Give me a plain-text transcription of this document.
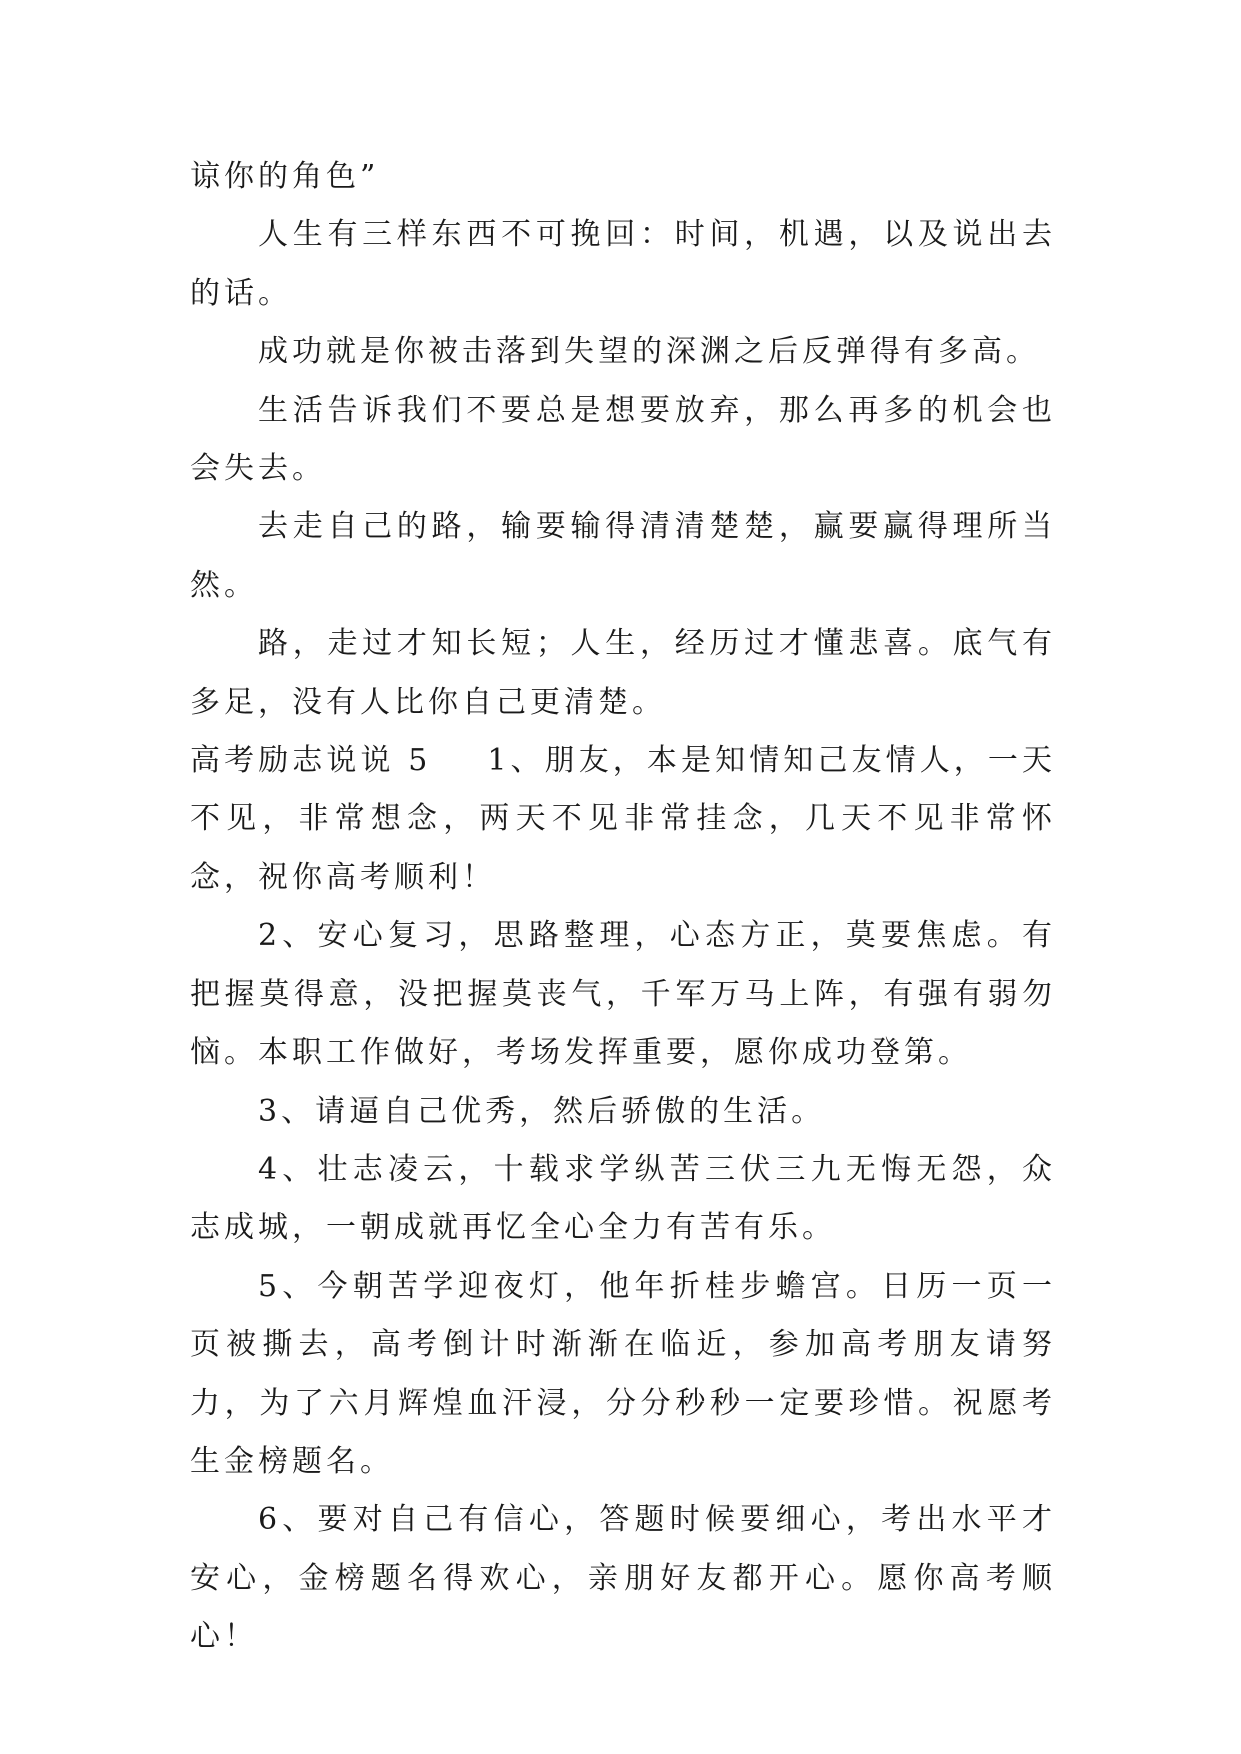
谅你的角色”

人生有三样东西不可挽回：时间，机遇，以及说出去的话。

成功就是你被击落到失望的深渊之后反弹得有多高。

生活告诉我们不要总是想要放弃，那么再多的机会也会失去。

去走自己的路，输要输得清清楚楚，赢要赢得理所当然。

路，走过才知长短；人生，经历过才懂悲喜。底气有多足，没有人比你自己更清楚。

高考励志说说 5 1、朋友，本是知情知己友情人，一天不见，非常想念，两天不见非常挂念，几天不见非常怀念，祝你高考顺利！

2、安心复习，思路整理，心态方正，莫要焦虑。有把握莫得意，没把握莫丧气，千军万马上阵，有强有弱勿恼。本职工作做好，考场发挥重要，愿你成功登第。

3、请逼自己优秀，然后骄傲的生活。

4、壮志凌云，十载求学纵苦三伏三九无悔无怨，众志成城，一朝成就再忆全心全力有苦有乐。

5、今朝苦学迎夜灯，他年折桂步蟾宫。日历一页一页被撕去，高考倒计时渐渐在临近，参加高考朋友请努力，为了六月辉煌血汗浸，分分秒秒一定要珍惜。祝愿考生金榜题名。

6、要对自己有信心，答题时候要细心，考出水平才安心，金榜题名得欢心，亲朋好友都开心。愿你高考顺心！
